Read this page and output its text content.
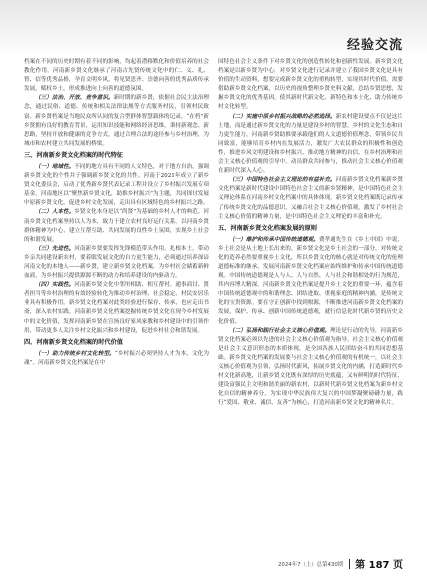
经验交流

档案在不同的历史时期有着不同的影响，均起着潜移默化和价值培养的社会教化作用。河南新乡贤文化继承了河南古先贤传统文化中的仁、义、礼、智、信等优秀品格，孕育文明乡风，将见贤思齐、崇德向善的优秀品质传承发展，赋权乡土，形成推进向上向善的道德氛围。

（三）法治、开放、竞争意识。新时期的新乡贤，依据社会民主法治理念，通过民俗、道德、传统和相关法律法规等方式服务村民，引领村民致富。新乡贤档案是当地民众所认同的复合型群体智慧载体的记录。“在档”新乡贤拥有良好的教育背景，运用知识技能和网络经济思维，秉持新观念、新思路，坚持开放和健康的竞争方式，通过合理合法的途径参与乡村治理，为城市和农村建立共同发展的桥梁。

三、河南新乡贤文化档案的时代特征

（一）地域性。不同的地方具有不同的人文特色，对于地方自治，强调新乡贤文化的个性并于强调新乡贤文化的共性。河南于2021年成立了新乡贤文化委员会，启动了优秀新乡贤代表记录工程并设立了乡村振兴发展专项基金。河南地区以“聚焦新乡贤文化，助推乡村振兴”为主题，共同探讨发展中原新乡贤文化，促进乡村文化发展，走出具有区域特色的乡村振兴之路。

（二）人本性。乡贤文化本身是以“尚贤”为基础的乡村人才的典范。河南乡贤文化档案坚持以人为本，致力于建立农村良好运行关系。以河南乡贤群体精神为中心，建立互帮互助、共同发展的良性乡土氛围，实现乡土社会的和谐发展。

（三）先进性。河南新乡贤要发挥先锋模范带头作用，扎根本土，带动乡亲共同建设新农村，要着眼发展文化的自力更生能力，必须通过培养深谙河南文化的本地人——新乡贤，建立新乡贤文化档案，为乡村社会储蓄新鲜血液，为乡村振兴提供源源不断的动力和培养建设的内驱动力。

（四）实践性。河南新乡贤文化中邻里相助、相互帮衬、通事商讨、贤者担当等乡村治理的有效经验转化为推动乡村治理、社会稳定、村民安居乐业具有积极作用。新乡贤文化档案对此类经验进行保存、传承，也应走出书斋，深入农村实践。河南新乡贤文化档案挖掘传统乡贤文化在现今乡村发展中的文化价值，发挥河南新乡贤在宣扬良好家风家教和乡村建设中的引领作用，带动更多人关注乡村文化振兴和乡村建设，促进乡村社会和谐发展。

四、河南新乡贤文化档案的时代价值

（一）助力传统乡村文化转型。“乡村振兴必须坚持人才为本，文化为魂”。河南新乡贤文化档案是在中

国特色社会主义条件下对乡贤文化的创造性转化和创新性发展。新乡贤文化档案是以新乡贤为中心，对乡贤文化进行记录并建立了我国乡贤文化是具有价值的生动资料，想要完成新乡贤文化的重构转型，实现其时代价值，需要借助新乡贤文化档案，以历史的视角整理乡贤史料文献，总结乡贤思想，发掘乡贤文化的优秀基因，使其新时代新文化、新特色和本土化，助力传统乡村文化转型。

（二）实施中原乡村振兴战略的必然选择。新农村建设要点不仅是这片土地，而是通过新乡贤文化的力量是建设乡村的智慧，乡村的文化生态和自力更生能力，河南新乡贤助推要承载他们的人文道德价值理念，带领乡民共同致富，能够培育乡村内在发展活力，激发广大农民群众的积极性和创造性，推进乡风文明建设和乡村振兴，推动地方精神的自信，在乡村治理和社会主义核心价值观的引导中，动员群众共同参与，推动社会主义核心价值观在新时代深入人心。

（三）中国特色社会主义理论的有益补充。河南新乡贤文化档案新乡贤文化档案是新时代建设中国特色社会主义的新乡贤精神，是中国特色社会主义理论体系在河南乡村文化档案中的具体体现。新乡贤文化档案既记录传承了传统乡贤文化的品德意识，又融合社会主义核心价值观，激发了乡村社会主义核心价值的精神力量，是中国特色社会主义理论的丰富和补充。

五、河南新乡贤文化档案发展的原则

（一）维护和传承中国传统道德观。费孝通先生在《乡土中国》中说，乡土社会是从土地上长出来的。新乡贤文化是乡土社会的一部分，对传统文化的造养必然要重视乡土文化，所以乡贤文化的核心就是对传统文化的伦理道德标准的继承。发展河南新乡贤文化档案应始终维护和传承中国传统道德观。中国传统道德观是人与人、人与自然、人与社会和谐相处的行为规范，其内容博大精深。河南新乡贤文化档案是提升乡土文化的重要一环，蕴含着中国传统道德观中的和谐理念、团结进取、重视家庭的精神内涵，是传统文化的宝贵资源。要在守正创新中找到根源，不断推进河南新乡贤文化档案的发展，保护、传承、创新中国传统道德观，就行信息化时代新乡贤的历史文化价值。

（二）弘扬和践行社会主义核心价值观。理论是行动的先导，河南新乡贤文化档案必须以先进的社会主义核心价值观为指导。社会主义核心价值观是社会主义意识形态的本质体现，是全国各族人民团结奋斗的共同思想基础。新乡贤文化档案的发展要与社会主义核心价值观的有机统一，以社会主义核心价值观为引领，弘扬时代新风，拓展乡贤文化的内涵，打造新时代乡村文化新高地，让新乡贤文化既有深厚的历史底蕴，又有鲜明的时代特征，建设富强民主文明和谐美丽的新农村，以新时代新乡贤文化档案为新乡村文化自信的精神养分，为实现中华民族伟大复兴的中国梦凝聚磅礴力量，践行“爱国、敬业、诚信、友善”为核心，打造河南新乡贤文化的精神名片。

2024年7（上）总第430期 第 187 页
